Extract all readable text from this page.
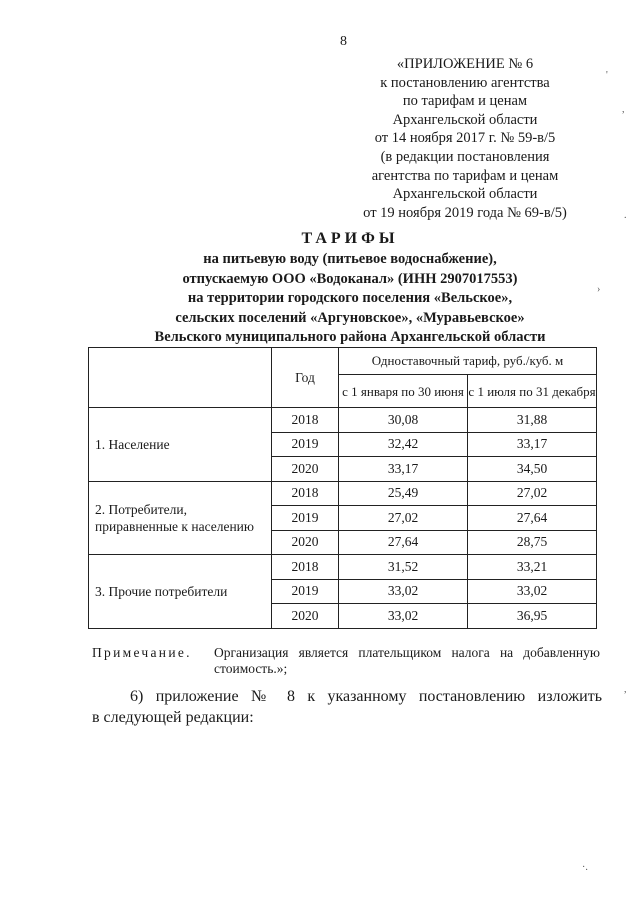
8
«ПРИЛОЖЕНИЕ № 6
к постановлению агентства
по тарифам и ценам
Архангельской области
от 14 ноября 2017 г. № 59-в/5
(в редакции постановления
агентства по тарифам и ценам
Архангельской области
от 19 ноября 2019 года № 69-в/5)
ТАРИФЫ
на питьевую воду (питьевое водоснабжение),
отпускаемую ООО «Водоканал» (ИНН 2907017553)
на территории городского поселения «Вельское»,
сельских поселений «Аргуновское», «Муравьевское»
Вельского муниципального района Архангельской области
	Год	Одноставочный тариф, руб./куб. м	
		с 1 января по 30 июня	с 1 июля по 31 декабря
1. Население	2018	30,08	31,88
	2019	32,42	33,17
	2020	33,17	34,50
2. Потребители, приравненные к населению	2018	25,49	27,02
	2019	27,02	27,64
	2020	27,64	28,75
3. Прочие потребители	2018	31,52	33,21
	2019	33,02	33,02
	2020	33,02	36,95
Примечание.	Организация является плательщиком налога на добавленную
стоимость.»;
6) приложение № 8 к указанному постановлению изложить
в следующей редакции:
'
,
.
›
,
·.
